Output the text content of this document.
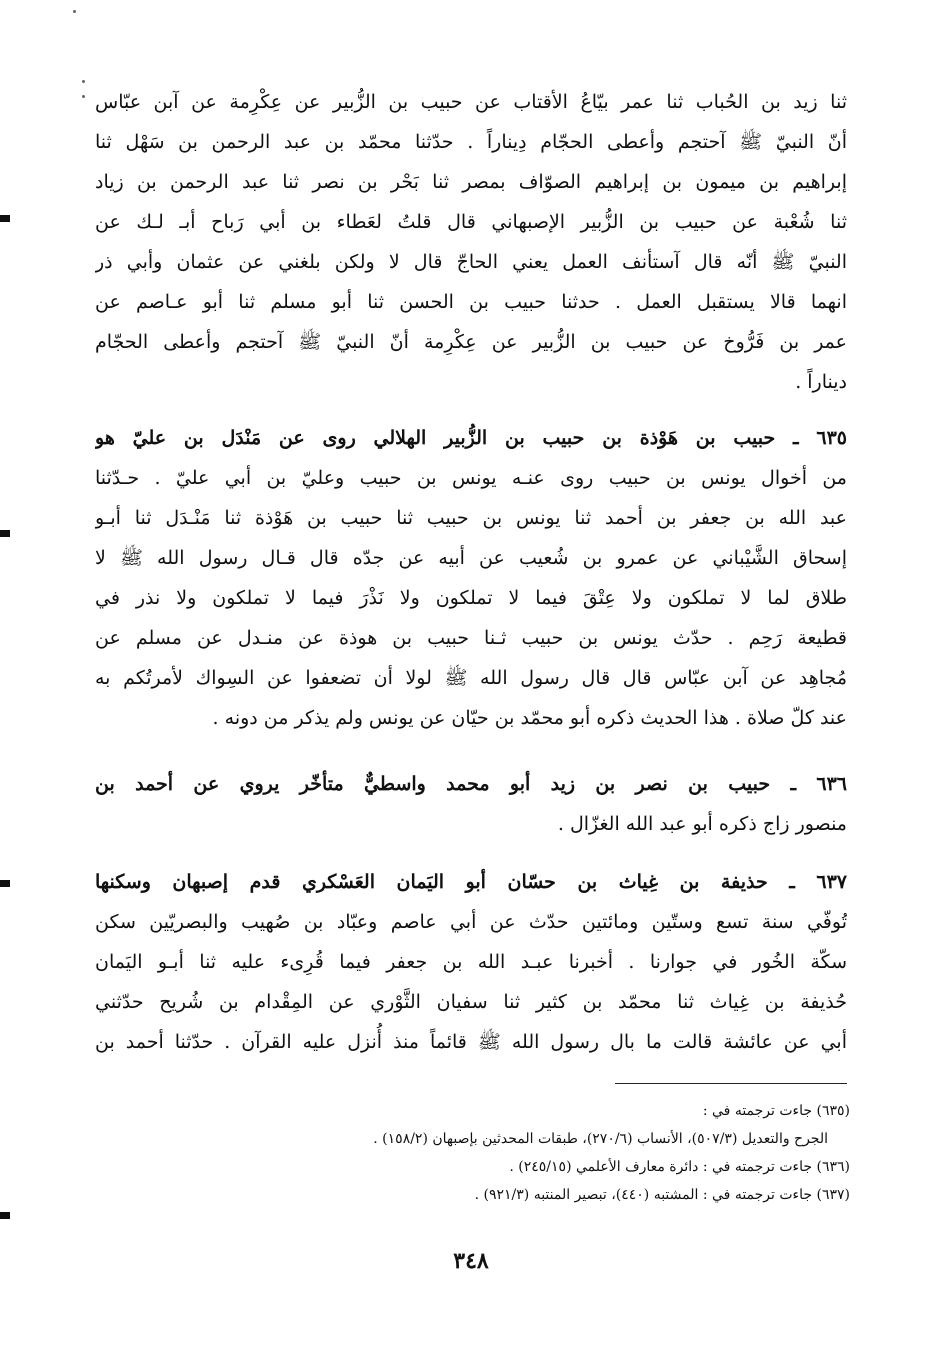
ثنا زيد بن الحُباب ثنا عمر بيّاعُ الأقتاب عن حبيب بن الزُّبير عن عِكْرِمة عن آبن عبّاس
أنّ النبيّ ﷺ آحتجم وأعطى الحجّام دِيناراً . حدّثنا محمّد بن عبد الرحمن بن سَهْل ثنا
إبراهيم بن ميمون بن إبراهيم الصوّاف بمصر ثنا بَحْر بن نصر ثنا عبد الرحمن بن زياد
ثنا شُعْبة عن حبيب بن الزُّبير الإصبهاني قال قلتُ لعَطاء بن أبي رَباح أبـ لـك عن
النبيّ ﷺ أنّه قال آستأنف العمل يعني الحاجّ قال لا ولكن بلغني عن عثمان وأبي ذر
انهما قالا يستقبل العمل . حدثنا حبيب بن الحسن ثنا أبو مسلم ثنا أبو عـاصم عن
عمر بن فَرُّوخ عن حبيب بن الزُّبير عن عِكْرِمة أنّ النبيّ ﷺ آحتجم وأعطى الحجّام
ديناراً .
٦٣٥ ـ حبيب بن هَوْذة بن حبيب بن الزُّبير الهلالي روى عن مَنْدَل بن عليّ هو
من أخوال يونس بن حبيب روى عنـه يونس بن حبيب وعليّ بن أبي عليّ . حـدّثنا
عبد الله بن جعفر بن أحمد ثنا يونس بن حبيب ثنا حبيب بن هَوْذة ثنا مَنْـدَل ثنا أبـو
إسحاق الشَّيْباني عن عمرو بن شُعيب عن أبيه عن جدّه قال قـال رسول الله ﷺ لا
طلاق لما لا تملكون ولا عِتْقَ فيما لا تملكون ولا نَذْرَ فيما لا تملكون ولا نذر في
قطيعة رَحِم . حدّث يونس بن حبيب ثـنا حبيب بن هوذة عن منـدل عن مسلم عن
مُجاهِد عن آبن عبّاس قال قال رسول الله ﷺ لولا أن تضعفوا عن السِواك لأمرتُكم به
عند كلّ صلاة . هذا الحديث ذكره أبو محمّد بن حيّان عن يونس ولم يذكر من دونه .
٦٣٦ ـ حبيب بن نصر بن زيد أبو محمد واسطيٌّ متأخّر يروي عن أحمد بن
منصور زاج ذكره أبو عبد الله الغزّال .
٦٣٧ ـ حذيفة بن غِياث بن حسّان أبو اليَمان العَسْكري قدم إصبهان وسكنها
تُوفّي سنة تسع وستّين ومائتين حدّث عن أبي عاصم وعبّاد بن صُهيب والبصريّين سكن
سكّة الخُور في جوارنا . أخبرنا عبـد الله بن جعفر فيما قُرِىء عليه ثنا أبـو اليَمان
حُذيفة بن غِياث ثنا محمّد بن كثير ثنا سفيان الثَّوْري عن المِقْدام بن شُريح حدّثني
أبي عن عائشة قالت ما بال رسول الله ﷺ قائماً منذ أُنزل عليه القرآن . حدّثنا أحمد بن
(٦٣٥) جاءت ترجمته في :
الجرح والتعديل (٥٠٧/٣)، الأنساب (٢٧٠/٦)، طبقات المحدثين بإصبهان (١٥٨/٢) .
(٦٣٦) جاءت ترجمته في : دائرة معارف الأعلمي (٢٤٥/١٥) .
(٦٣٧) جاءت ترجمته في : المشتبه (٤٤٠)، تبصير المنتبه (٩٢١/٣) .
٣٤٨
